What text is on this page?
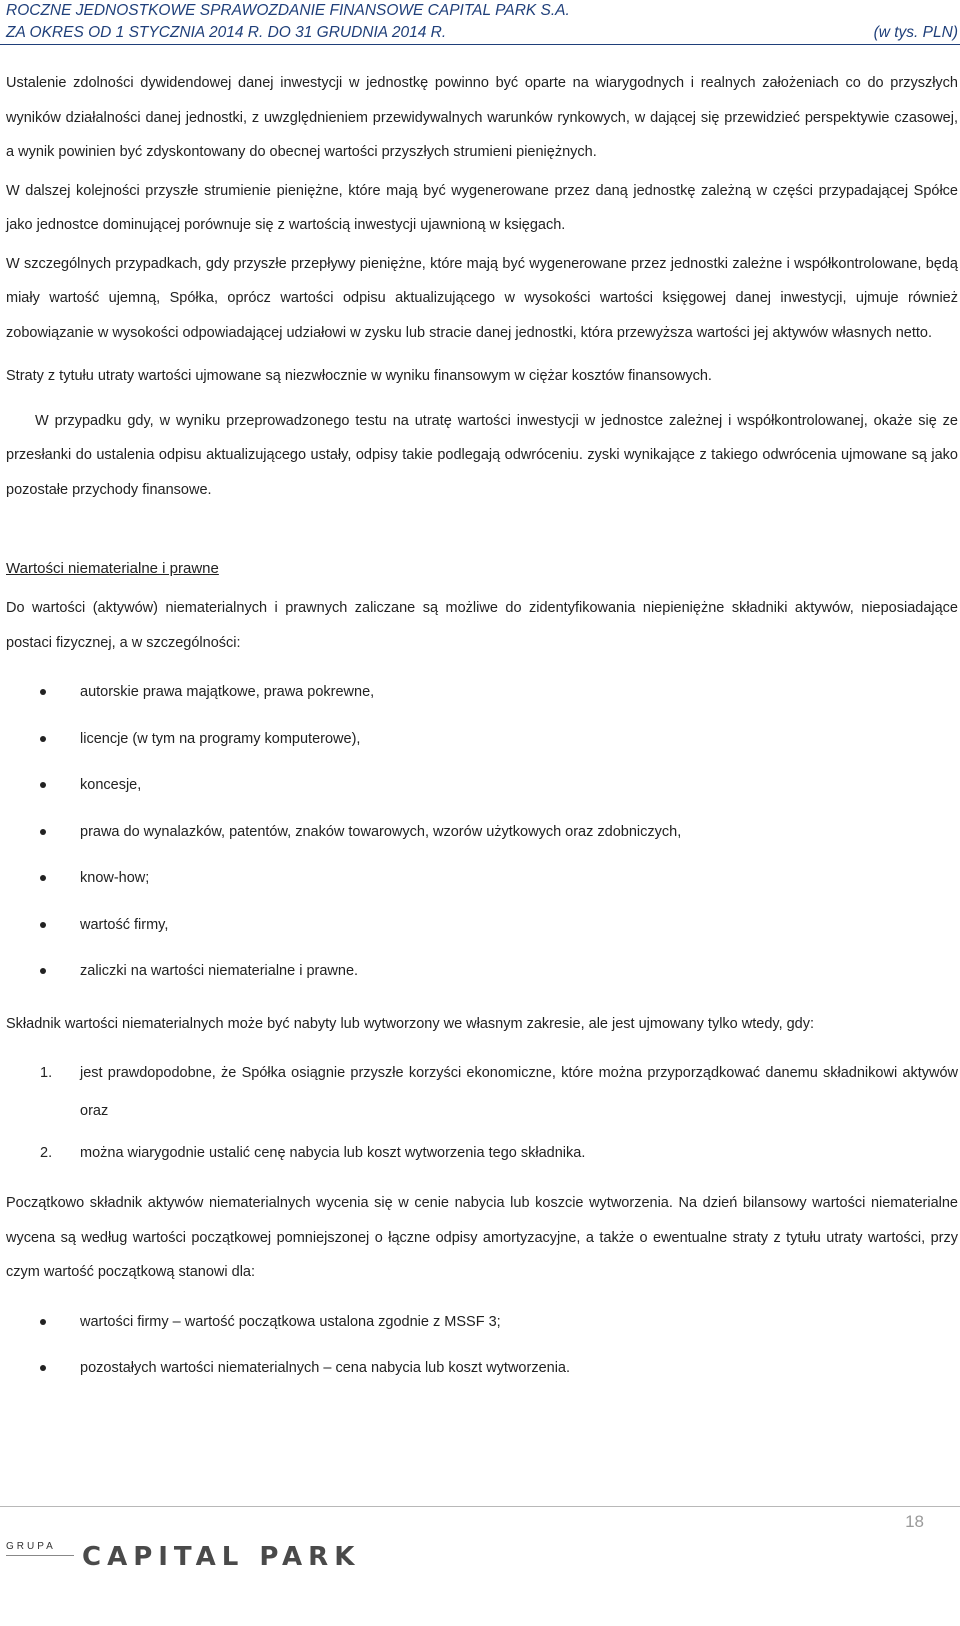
ROCZNE JEDNOSTKOWE SPRAWOZDANIE FINANSOWE CAPITAL PARK S.A.
ZA OKRES OD 1 STYCZNIA 2014 R. DO 31 GRUDNIA 2014 R.	(w tys. PLN)

Ustalenie zdolności dywidendowej danej inwestycji w jednostkę powinno być oparte na wiarygodnych i realnych założeniach co do przyszłych wyników działalności danej jednostki, z uwzględnieniem przewidywalnych warunków rynkowych, w dającej się przewidzieć perspektywie czasowej, a wynik powinien być zdyskontowany do obecnej wartości przyszłych strumieni pieniężnych.

W dalszej kolejności przyszłe strumienie pieniężne, które mają być wygenerowane przez daną jednostkę zależną w części przypadającej Spółce jako jednostce dominującej porównuje się z wartością inwestycji ujawnioną w księgach.

W szczególnych przypadkach, gdy przyszłe przepływy pieniężne, które mają być wygenerowane przez jednostki zależne i współkontrolowane, będą miały wartość ujemną, Spółka, oprócz wartości odpisu aktualizującego w wysokości wartości księgowej danej inwestycji, ujmuje również zobowiązanie w wysokości odpowiadającej udziałowi w zysku lub stracie danej jednostki, która przewyższa wartości jej aktywów własnych netto.

Straty z tytułu utraty wartości ujmowane są niezwłocznie w wyniku finansowym w ciężar kosztów finansowych.

W przypadku gdy, w wyniku przeprowadzonego testu na utratę wartości inwestycji w jednostce zależnej i współkontrolowanej, okaże się ze przesłanki do ustalenia odpisu aktualizującego ustały, odpisy takie podlegają odwróceniu. zyski wynikające z takiego odwrócenia ujmowane są jako pozostałe przychody finansowe.

Wartości niematerialne i prawne

Do wartości (aktywów) niematerialnych i prawnych zaliczane są możliwe do zidentyfikowania niepieniężne składniki aktywów, nieposiadające postaci fizycznej, a w szczególności:

autorskie prawa majątkowe, prawa pokrewne,
licencje (w tym na programy komputerowe),
koncesje,
prawa do wynalazków, patentów, znaków towarowych, wzorów użytkowych oraz zdobniczych,
know-how;
wartość firmy,
zaliczki na wartości niematerialne i prawne.

Składnik wartości niematerialnych może być nabyty lub wytworzony we własnym zakresie, ale jest ujmowany tylko wtedy, gdy:

1. jest prawdopodobne, że Spółka osiągnie przyszłe korzyści ekonomiczne, które można przyporządkować danemu składnikowi aktywów oraz
2. można wiarygodnie ustalić cenę nabycia lub koszt wytworzenia tego składnika.

Początkowo składnik aktywów niematerialnych wycenia się w cenie nabycia lub koszcie wytworzenia. Na dzień bilansowy wartości niematerialne wycena są według wartości początkowej pomniejszonej o łączne odpisy amortyzacyjne, a także o ewentualne straty z tytułu utraty wartości, przy czym wartość początkową stanowi dla:

wartości firmy – wartość początkowa ustalona zgodnie z MSSF 3;
pozostałych wartości niematerialnych – cena nabycia lub koszt wytworzenia.
18
GRUPA CAPITAL PARK
